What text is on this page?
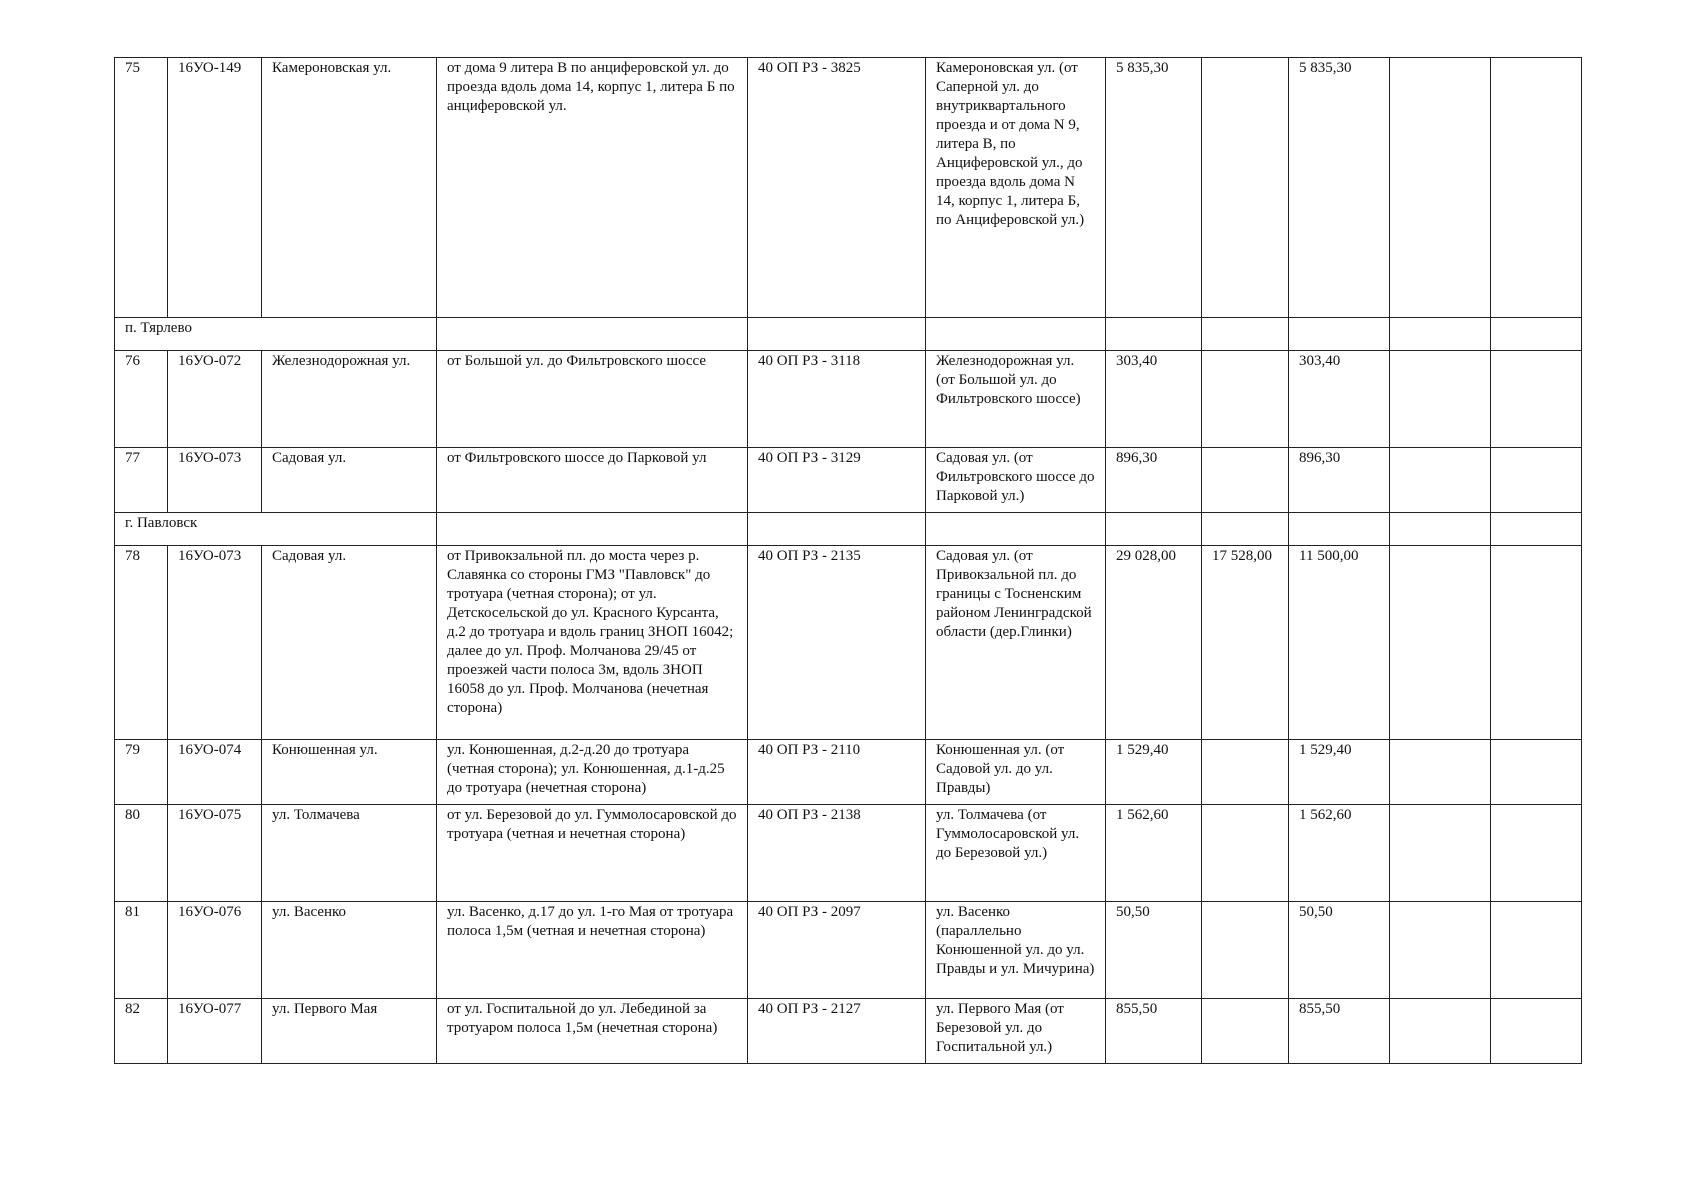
75	16УО-149	Камероновская ул.	от дома 9 литера В по анциферовской ул. до проезда вдоль дома 14, корпус 1, литера Б по анциферовской ул.	40 ОП РЗ - 3825	Камероновская ул. (от Саперной ул. до внутриквартального проезда и от дома N 9, литера В, по Анциферовской ул., до проезда вдоль дома N 14, корпус 1, литера Б, по Анциферовской ул.)	5 835,30		5 835,30		
п. Тярлево										
76	16УО-072	Железнодорожная ул.	от Большой ул. до Фильтровского шоссе	40 ОП РЗ - 3118	Железнодорожная ул. (от Большой ул. до Фильтровского шоссе)	303,40		303,40		
77	16УО-073	Садовая ул.	от Фильтровского шоссе до Парковой ул	40 ОП РЗ - 3129	Садовая ул. (от Фильтровского шоссе до Парковой ул.)	896,30		896,30		
г. Павловск										
78	16УО-073	Садовая ул.	от Привокзальной пл. до моста через р. Славянка со стороны ГМЗ "Павловск" до тротуара (четная сторона); от ул. Детскосельской до ул. Красного Курсанта, д.2 до тротуара и вдоль границ ЗНОП 16042; далее до ул. Проф. Молчанова 29/45 от проезжей части полоса 3м, вдоль ЗНОП 16058 до ул. Проф. Молчанова (нечетная сторона)	40 ОП РЗ - 2135	Садовая ул. (от Привокзальной пл. до границы с Тосненским районом Ленинградской области (дер.Глинки)	29 028,00	17 528,00	11 500,00		
79	16УО-074	Конюшенная ул.	ул. Конюшенная, д.2-д.20 до тротуара (четная сторона); ул. Конюшенная, д.1-д.25 до тротуара (нечетная сторона)	40 ОП РЗ - 2110	Конюшенная ул. (от Садовой ул. до ул. Правды)	1 529,40		1 529,40		
80	16УО-075	ул. Толмачева	от ул. Березовой до ул. Гуммолосаровской до тротуара (четная и нечетная сторона)	40 ОП РЗ - 2138	ул. Толмачева (от Гуммолосаровской ул. до Березовой ул.)	1 562,60		1 562,60		
81	16УО-076	ул. Васенко	ул. Васенко, д.17 до ул. 1-го Мая от тротуара полоса 1,5м (четная и нечетная сторона)	40 ОП РЗ - 2097	ул. Васенко (параллельно Конюшенной ул. до ул. Правды и ул. Мичурина)	50,50		50,50		
82	16УО-077	ул. Первого Мая	от ул. Госпитальной до ул. Лебединой за тротуаром полоса 1,5м (нечетная сторона)	40 ОП РЗ - 2127	ул. Первого Мая (от Березовой ул. до Госпитальной ул.)	855,50		855,50		
